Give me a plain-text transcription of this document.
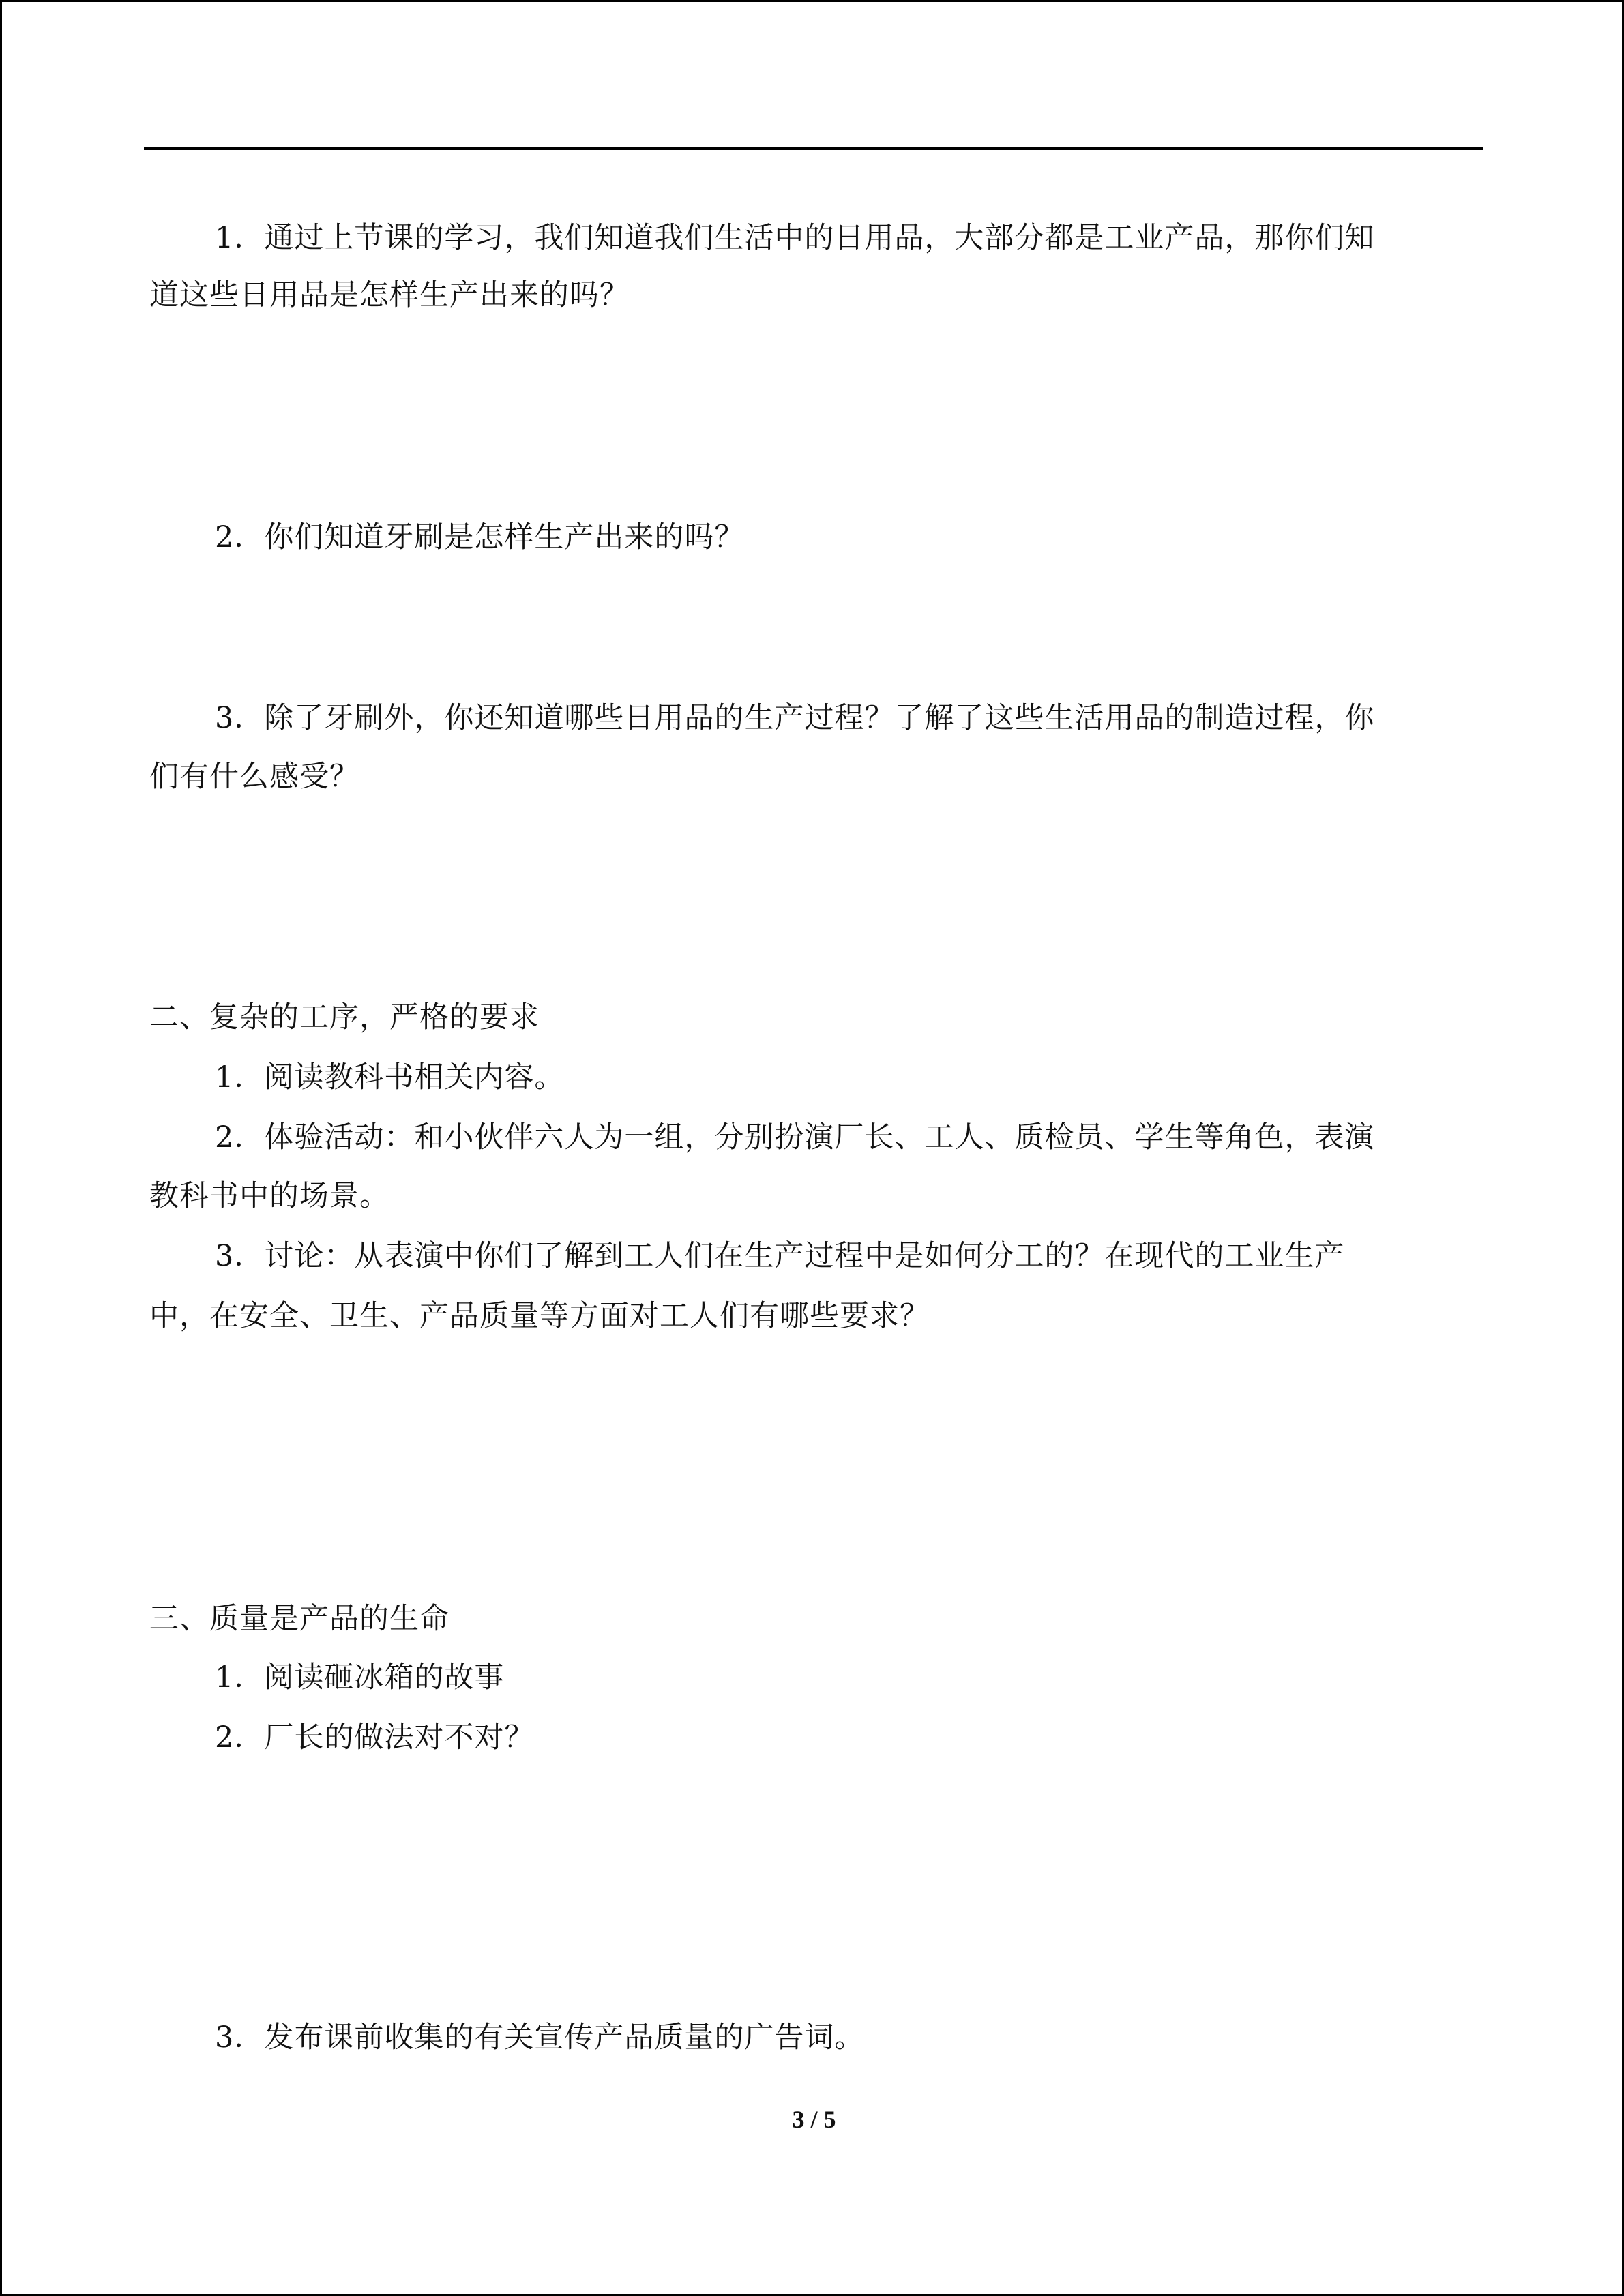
1．通过上节课的学习，我们知道我们生活中的日用品，大部分都是工业产品，那你们知
道这些日用品是怎样生产出来的吗？
2．你们知道牙刷是怎样生产出来的吗？
3．除了牙刷外，你还知道哪些日用品的生产过程？了解了这些生活用品的制造过程，你
们有什么感受？
二、复杂的工序，严格的要求
1．阅读教科书相关内容。
2．体验活动：和小伙伴六人为一组，分别扮演厂长、工人、质检员、学生等角色，表演
教科书中的场景。
3．讨论：从表演中你们了解到工人们在生产过程中是如何分工的？在现代的工业生产
中，在安全、卫生、产品质量等方面对工人们有哪些要求？
三、质量是产品的生命
1．阅读砸冰箱的故事
2．厂长的做法对不对？
3．发布课前收集的有关宣传产品质量的广告词。
3 / 5
